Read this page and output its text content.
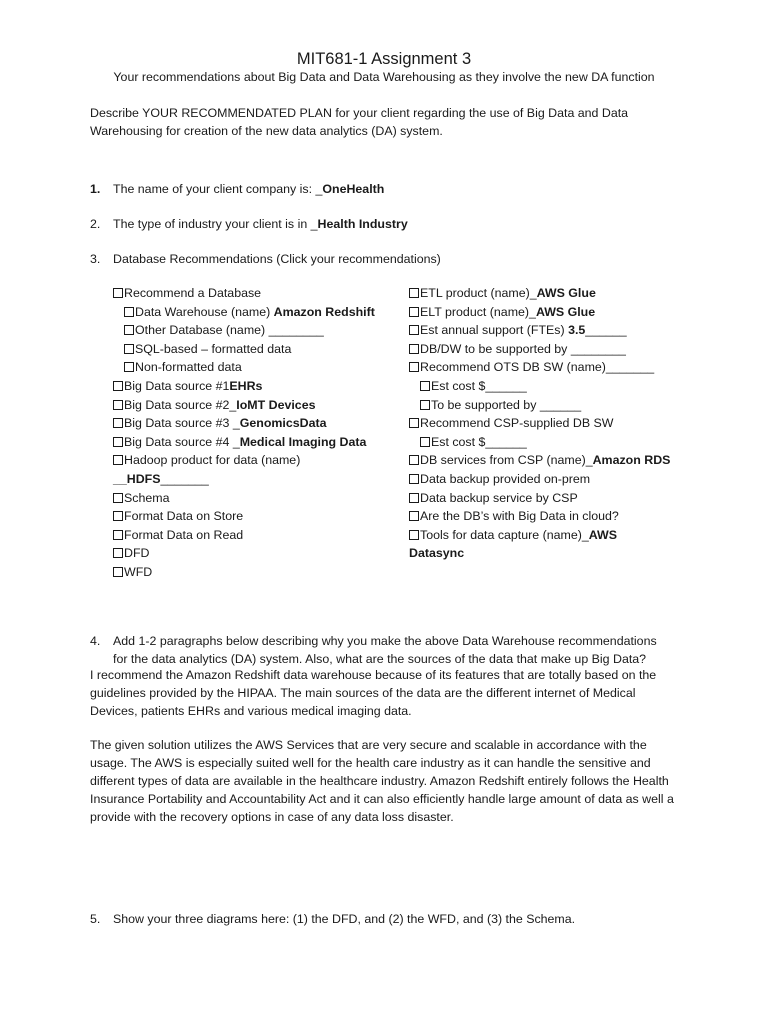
MIT681-1 Assignment 3
Your recommendations about Big Data and Data Warehousing as they involve the new DA function
Describe YOUR RECOMMENDATED PLAN for your client regarding the use of Big Data and Data Warehousing for creation of the new data analytics (DA) system.
1. The name of your client company is: _OneHealth
2. The type of industry your client is in _Health Industry
3. Database Recommendations (Click your recommendations)
Recommend a Database
Data Warehouse (name) Amazon Redshift
Other Database (name) ________
SQL-based – formatted data
Non-formatted data
Big Data source #1EHRs
Big Data source #2_IoMT Devices
Big Data source #3 _GenomicsData
Big Data source #4 _Medical Imaging Data
Hadoop product for data (name)
__HDFS_______
Schema
Format Data on Store
Format Data on Read
DFD
WFD
ETL product (name)_AWS Glue
ELT product (name)_AWS Glue
Est annual support (FTEs) 3.5______
DB/DW to be supported by ________
Recommend OTS DB SW (name)_______
Est cost $______
To be supported by ______
Recommend CSP-supplied DB SW
Est cost $______
DB services from CSP (name)_Amazon RDS
Data backup provided on-prem
Data backup service by CSP
Are the DB’s with Big Data in cloud?
Tools for data capture (name)_AWS
Datasync
4. Add 1-2 paragraphs below describing why you make the above Data Warehouse recommendations for the data analytics (DA) system. Also, what are the sources of the data that make up Big Data?
I recommend the Amazon Redshift data warehouse because of its features that are totally based on the guidelines provided by the HIPAA. The main sources of the data are the different internet of Medical Devices, patients EHRs and various medical imaging data.
The given solution utilizes the AWS Services that are very secure and scalable in accordance with the usage. The AWS is especially suited well for the health care industry as it can handle the sensitive and different types of data are available in the healthcare industry. Amazon Redshift entirely follows the Health Insurance Portability and Accountability Act and it can also efficiently handle large amount of data as well a provide with the recovery options in case of any data loss disaster.
5. Show your three diagrams here: (1) the DFD, and (2) the WFD, and (3) the Schema.
